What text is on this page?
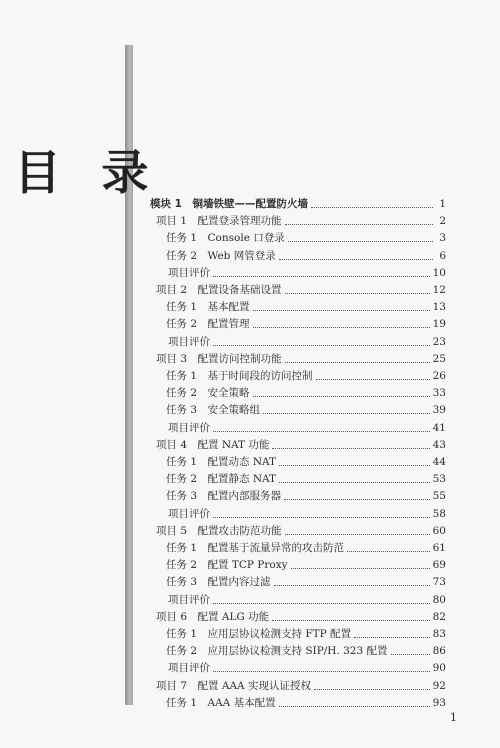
目 录
模块 1　铜墙铁壁——配置防火墙	1
项目 1　配置登录管理功能	2
任务 1　Console 口登录	3
任务 2　Web 网管登录	6
项目评价	10
项目 2　配置设备基础设置	12
任务 1　基本配置	13
任务 2　配置管理	19
项目评价	23
项目 3　配置访问控制功能	25
任务 1　基于时间段的访问控制	26
任务 2　安全策略	33
任务 3　安全策略组	39
项目评价	41
项目 4　配置 NAT 功能	43
任务 1　配置动态 NAT	44
任务 2　配置静态 NAT	53
任务 3　配置内部服务器	55
项目评价	58
项目 5　配置攻击防范功能	60
任务 1　配置基于流量异常的攻击防范	61
任务 2　配置 TCP Proxy	69
任务 3　配置内容过滤	73
项目评价	80
项目 6　配置 ALG 功能	82
任务 1　应用层协议检测支持 FTP 配置	83
任务 2　应用层协议检测支持 SIP/H. 323 配置	86
项目评价	90
项目 7　配置 AAA 实现认证授权	92
任务 1　AAA 基本配置	93
1
